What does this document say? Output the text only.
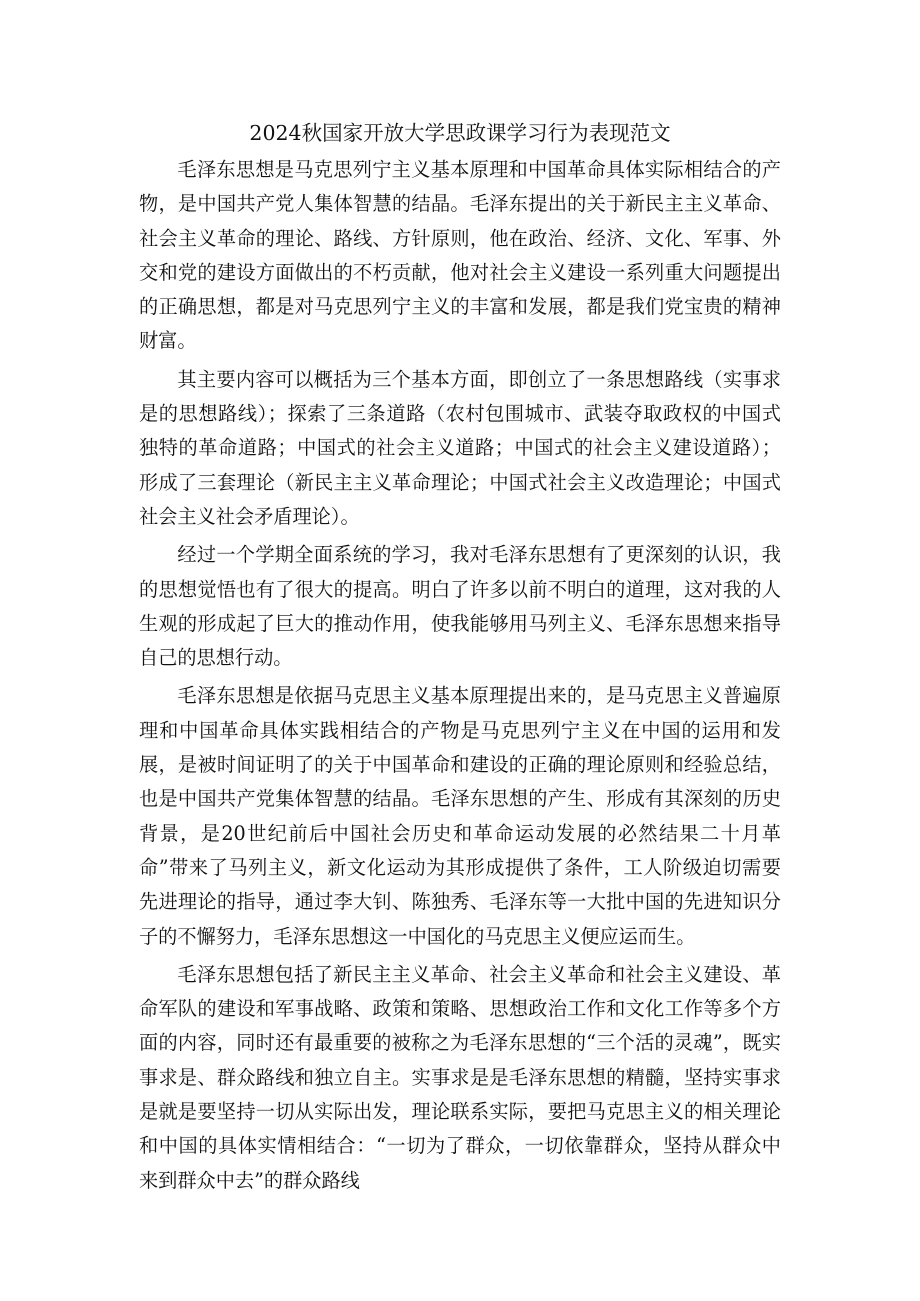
2024秋国家开放大学思政课学习行为表现范文

毛泽东思想是马克思列宁主义基本原理和中国革命具体实际相结合的产物，是中国共产党人集体智慧的结晶。毛泽东提出的关于新民主主义革命、社会主义革命的理论、路线、方针原则，他在政治、经济、文化、军事、外交和党的建设方面做出的不朽贡献，他对社会主义建设一系列重大问题提出的正确思想，都是对马克思列宁主义的丰富和发展，都是我们党宝贵的精神财富。

其主要内容可以概括为三个基本方面，即创立了一条思想路线（实事求是的思想路线）；探索了三条道路（农村包围城市、武装夺取政权的中国式独特的革命道路；中国式的社会主义道路；中国式的社会主义建设道路）；形成了三套理论（新民主主义革命理论；中国式社会主义改造理论；中国式社会主义社会矛盾理论）。

经过一个学期全面系统的学习，我对毛泽东思想有了更深刻的认识，我的思想觉悟也有了很大的提高。明白了许多以前不明白的道理，这对我的人生观的形成起了巨大的推动作用，使我能够用马列主义、毛泽东思想来指导自己的思想行动。

毛泽东思想是依据马克思主义基本原理提出来的，是马克思主义普遍原理和中国革命具体实践相结合的产物是马克思列宁主义在中国的运用和发展，是被时间证明了的关于中国革命和建设的正确的理论原则和经验总结，也是中国共产党集体智慧的结晶。毛泽东思想的产生、形成有其深刻的历史背景，是20世纪前后中国社会历史和革命运动发展的必然结果二十月革命”带来了马列主义，新文化运动为其形成提供了条件，工人阶级迫切需要先进理论的指导，通过李大钊、陈独秀、毛泽东等一大批中国的先进知识分子的不懈努力，毛泽东思想这一中国化的马克思主义便应运而生。

毛泽东思想包括了新民主主义革命、社会主义革命和社会主义建设、革命军队的建设和军事战略、政策和策略、思想政治工作和文化工作等多个方面的内容，同时还有最重要的被称之为毛泽东思想的“三个活的灵魂”，既实事求是、群众路线和独立自主。实事求是是毛泽东思想的精髓，坚持实事求是就是要坚持一切从实际出发，理论联系实际，要把马克思主义的相关理论和中国的具体实情相结合：“一切为了群众，一切依靠群众，坚持从群众中来到群众中去”的群众路线
